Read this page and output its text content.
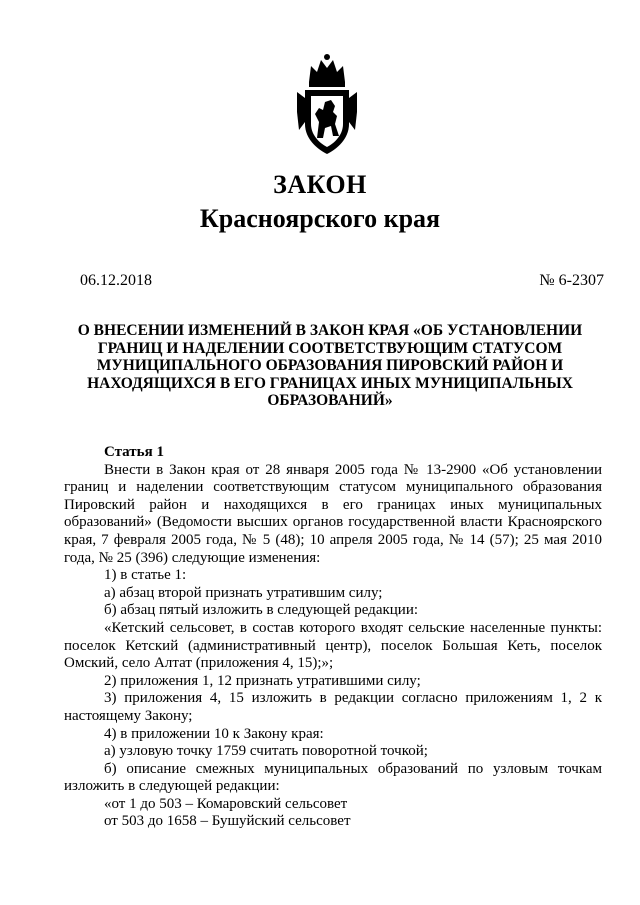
ЗАКОН
Красноярского края
06.12.2018	№ 6-2307
О ВНЕСЕНИИ ИЗМЕНЕНИЙ В ЗАКОН КРАЯ «ОБ УСТАНОВЛЕНИИ ГРАНИЦ И НАДЕЛЕНИИ СООТВЕТСТВУЮЩИМ СТАТУСОМ МУНИЦИПАЛЬНОГО ОБРАЗОВАНИЯ ПИРОВСКИЙ РАЙОН И НАХОДЯЩИХСЯ В ЕГО ГРАНИЦАХ ИНЫХ МУНИЦИПАЛЬНЫХ ОБРАЗОВАНИЙ»

Статья 1

Внести в Закон края от 28 января 2005 года № 13-2900 «Об установлении границ и наделении соответствующим статусом муниципального образования Пировский район и находящихся в его границах иных муниципальных образований» (Ведомости высших органов государственной власти Красноярского края, 7 февраля 2005 года, № 5 (48); 10 апреля 2005 года, № 14 (57); 25 мая 2010 года, № 25 (396) следующие изменения:

1) в статье 1:

а) абзац второй признать утратившим силу;

б) абзац пятый изложить в следующей редакции:

«Кетский сельсовет, в состав которого входят сельские населенные пункты: поселок Кетский (административный центр), поселок Большая Кеть, поселок Омский, село Алтат (приложения 4, 15);»;

2) приложения 1, 12 признать утратившими силу;

3) приложения 4, 15 изложить в редакции согласно приложениям 1, 2 к настоящему Закону;

4) в приложении 10 к Закону края:

а) узловую точку 1759 считать поворотной точкой;

б) описание смежных муниципальных образований по узловым точкам изложить в следующей редакции:

«от 1 до 503 – Комаровский сельсовет

от 503 до 1658 – Бушуйский сельсовет
